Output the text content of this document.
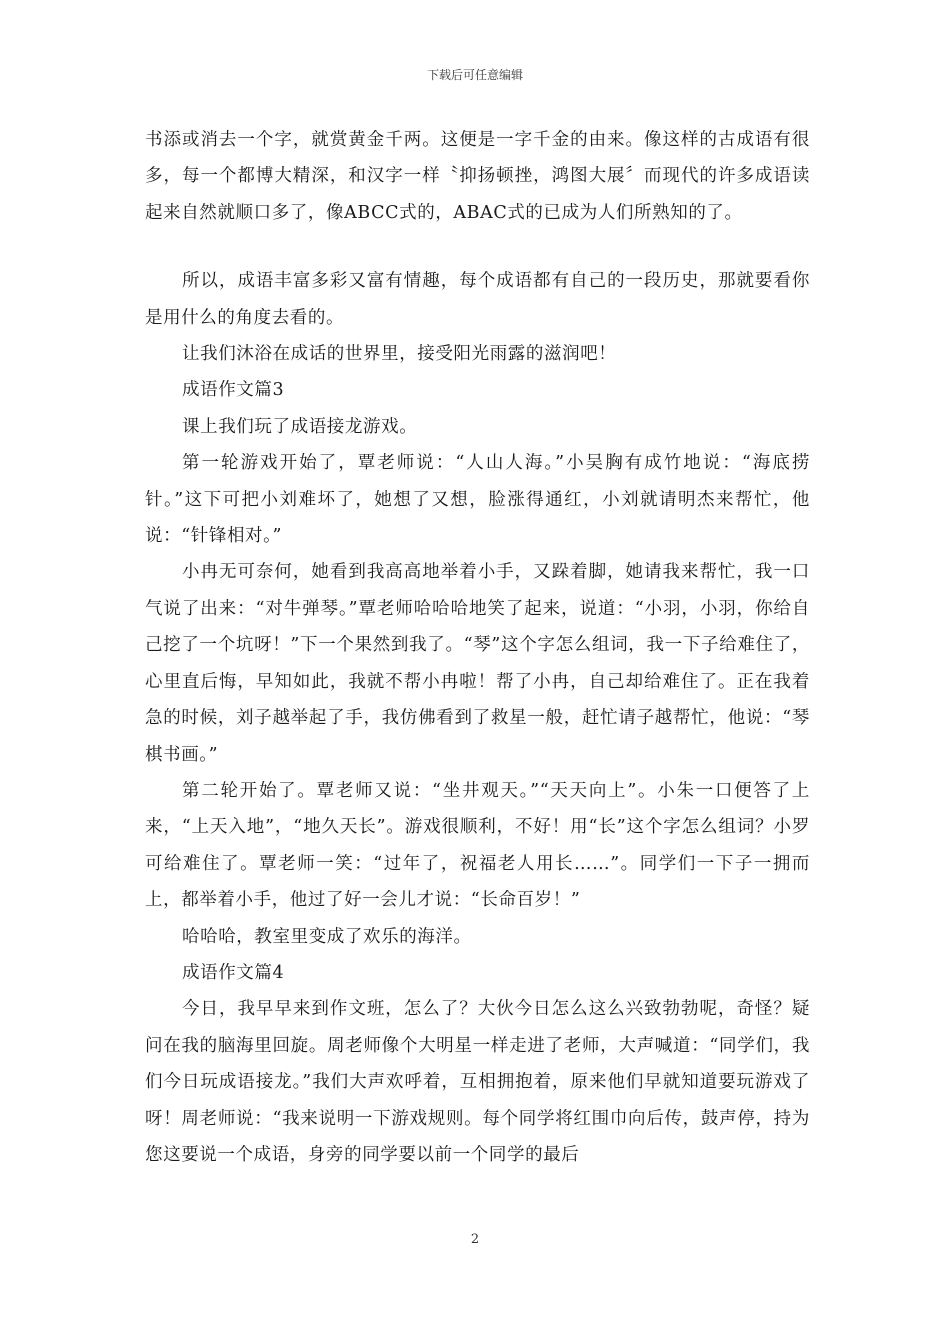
下载后可任意编辑

书添或消去一个字，就赏黄金千两。这便是一字千金的由来。像这样的古成语有很多，每一个都博大精深，和汉字一样〝抑扬顿挫，鸿图大展〞而现代的许多成语读起来自然就顺口多了，像ABCC式的，ABAC式的已成为人们所熟知的了。

所以，成语丰富多彩又富有情趣，每个成语都有自己的一段历史，那就要看你是用什么的角度去看的。

让我们沐浴在成话的世界里，接受阳光雨露的滋润吧！

成语作文篇3

课上我们玩了成语接龙游戏。

第一轮游戏开始了，覃老师说：“人山人海。”小吴胸有成竹地说：“海底捞针。”这下可把小刘难坏了，她想了又想，脸涨得通红，小刘就请明杰来帮忙，他说：“针锋相对。”

小冉无可奈何，她看到我高高地举着小手，又跺着脚，她请我来帮忙，我一口气说了出来：“对牛弹琴。”覃老师哈哈哈地笑了起来，说道：“小羽，小羽，你给自己挖了一个坑呀！”下一个果然到我了。“琴”这个字怎么组词，我一下子给难住了，心里直后悔，早知如此，我就不帮小冉啦！帮了小冉，自己却给难住了。正在我着急的时候，刘子越举起了手，我仿佛看到了救星一般，赶忙请子越帮忙，他说：“琴棋书画。”

第二轮开始了。覃老师又说：“坐井观天。”“天天向上”。小朱一口便答了上来，“上天入地”，“地久天长”。游戏很顺利，不好！用“长”这个字怎么组词？小罗可给难住了。覃老师一笑：“过年了，祝福老人用长……”。同学们一下子一拥而上，都举着小手，他过了好一会儿才说：“长命百岁！”

哈哈哈，教室里变成了欢乐的海洋。

成语作文篇4

今日，我早早来到作文班，怎么了？大伙今日怎么这么兴致勃勃呢，奇怪？疑问在我的脑海里回旋。周老师像个大明星一样走进了老师，大声喊道：“同学们，我们今日玩成语接龙。”我们大声欢呼着，互相拥抱着，原来他们早就知道要玩游戏了呀！周老师说：“我来说明一下游戏规则。每个同学将红围巾向后传，鼓声停，持为您这要说一个成语，身旁的同学要以前一个同学的最后

2
